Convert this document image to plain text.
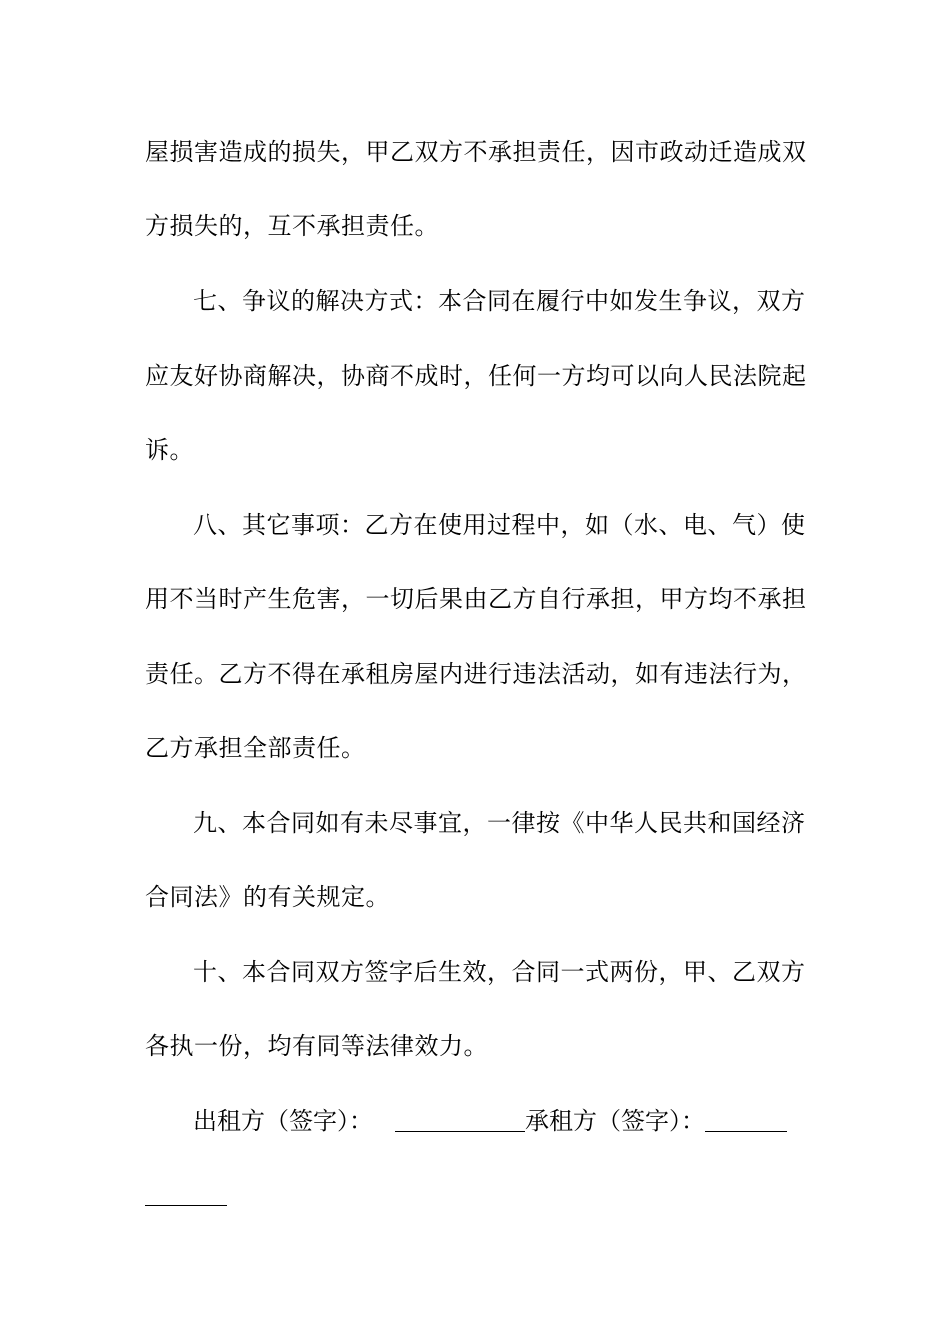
屋损害造成的损失，甲乙双方不承担责任，因市政动迁造成双
方损失的，互不承担责任。
七、争议的解决方式：本合同在履行中如发生争议，双方
应友好协商解决，协商不成时，任何一方均可以向人民法院起
诉。
八、其它事项：乙方在使用过程中，如（水、电、气）使
用不当时产生危害，一切后果由乙方自行承担，甲方均不承担
责任。乙方不得在承租房屋内进行违法活动，如有违法行为，
乙方承担全部责任。
九、本合同如有未尽事宜，一律按《中华人民共和国经济
合同法》的有关规定。
十、本合同双方签字后生效，合同一式两份，甲、乙双方
各执一份，均有同等法律效力。
出租方（签字）：	承租方（签字）：
